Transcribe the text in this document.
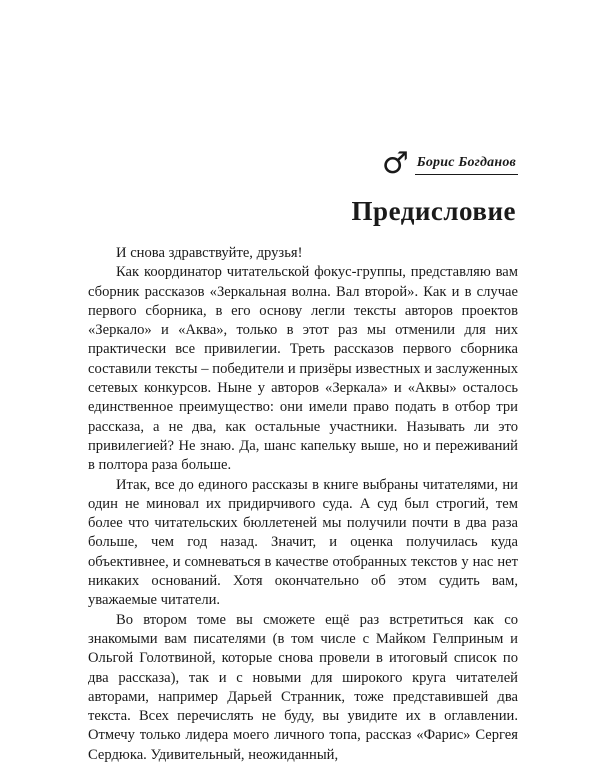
♂ Борис Богданов
Предисловие

И снова здравствуйте, друзья!

Как координатор читательской фокус-группы, представляю вам сборник рассказов «Зеркальная волна. Вал второй». Как и в случае первого сборника, в его основу легли тексты авторов проектов «Зеркало» и «Аква», только в этот раз мы отменили для них практически все привилегии. Треть рассказов первого сборника составили тексты – победители и призёры известных и заслуженных сетевых конкурсов. Ныне у авторов «Зеркала» и «Аквы» осталось единственное преимущество: они имели право подать в отбор три рассказа, а не два, как остальные участники. Называть ли это привилегией? Не знаю. Да, шанс капельку выше, но и переживаний в полтора раза больше.

Итак, все до единого рассказы в книге выбраны читателями, ни один не миновал их придирчивого суда. А суд был строгий, тем более что читательских бюллетеней мы получили почти в два раза больше, чем год назад. Значит, и оценка получилась куда объективнее, и сомневаться в качестве отобранных текстов у нас нет никаких оснований. Хотя окончательно об этом судить вам, уважаемые читатели.

Во втором томе вы сможете ещё раз встретиться как со знакомыми вам писателями (в том числе с Майком Гелприным и Ольгой Голотвиной, которые снова провели в итоговый список по два рассказа), так и с новыми для широкого круга читателей авторами, например Дарьей Странник, тоже представившей два текста. Всех перечислять не буду, вы увидите их в оглавлении. Отмечу только лидера моего личного топа, рассказ «Фарис» Сергея Сердюка. Удивительный, неожиданный,
